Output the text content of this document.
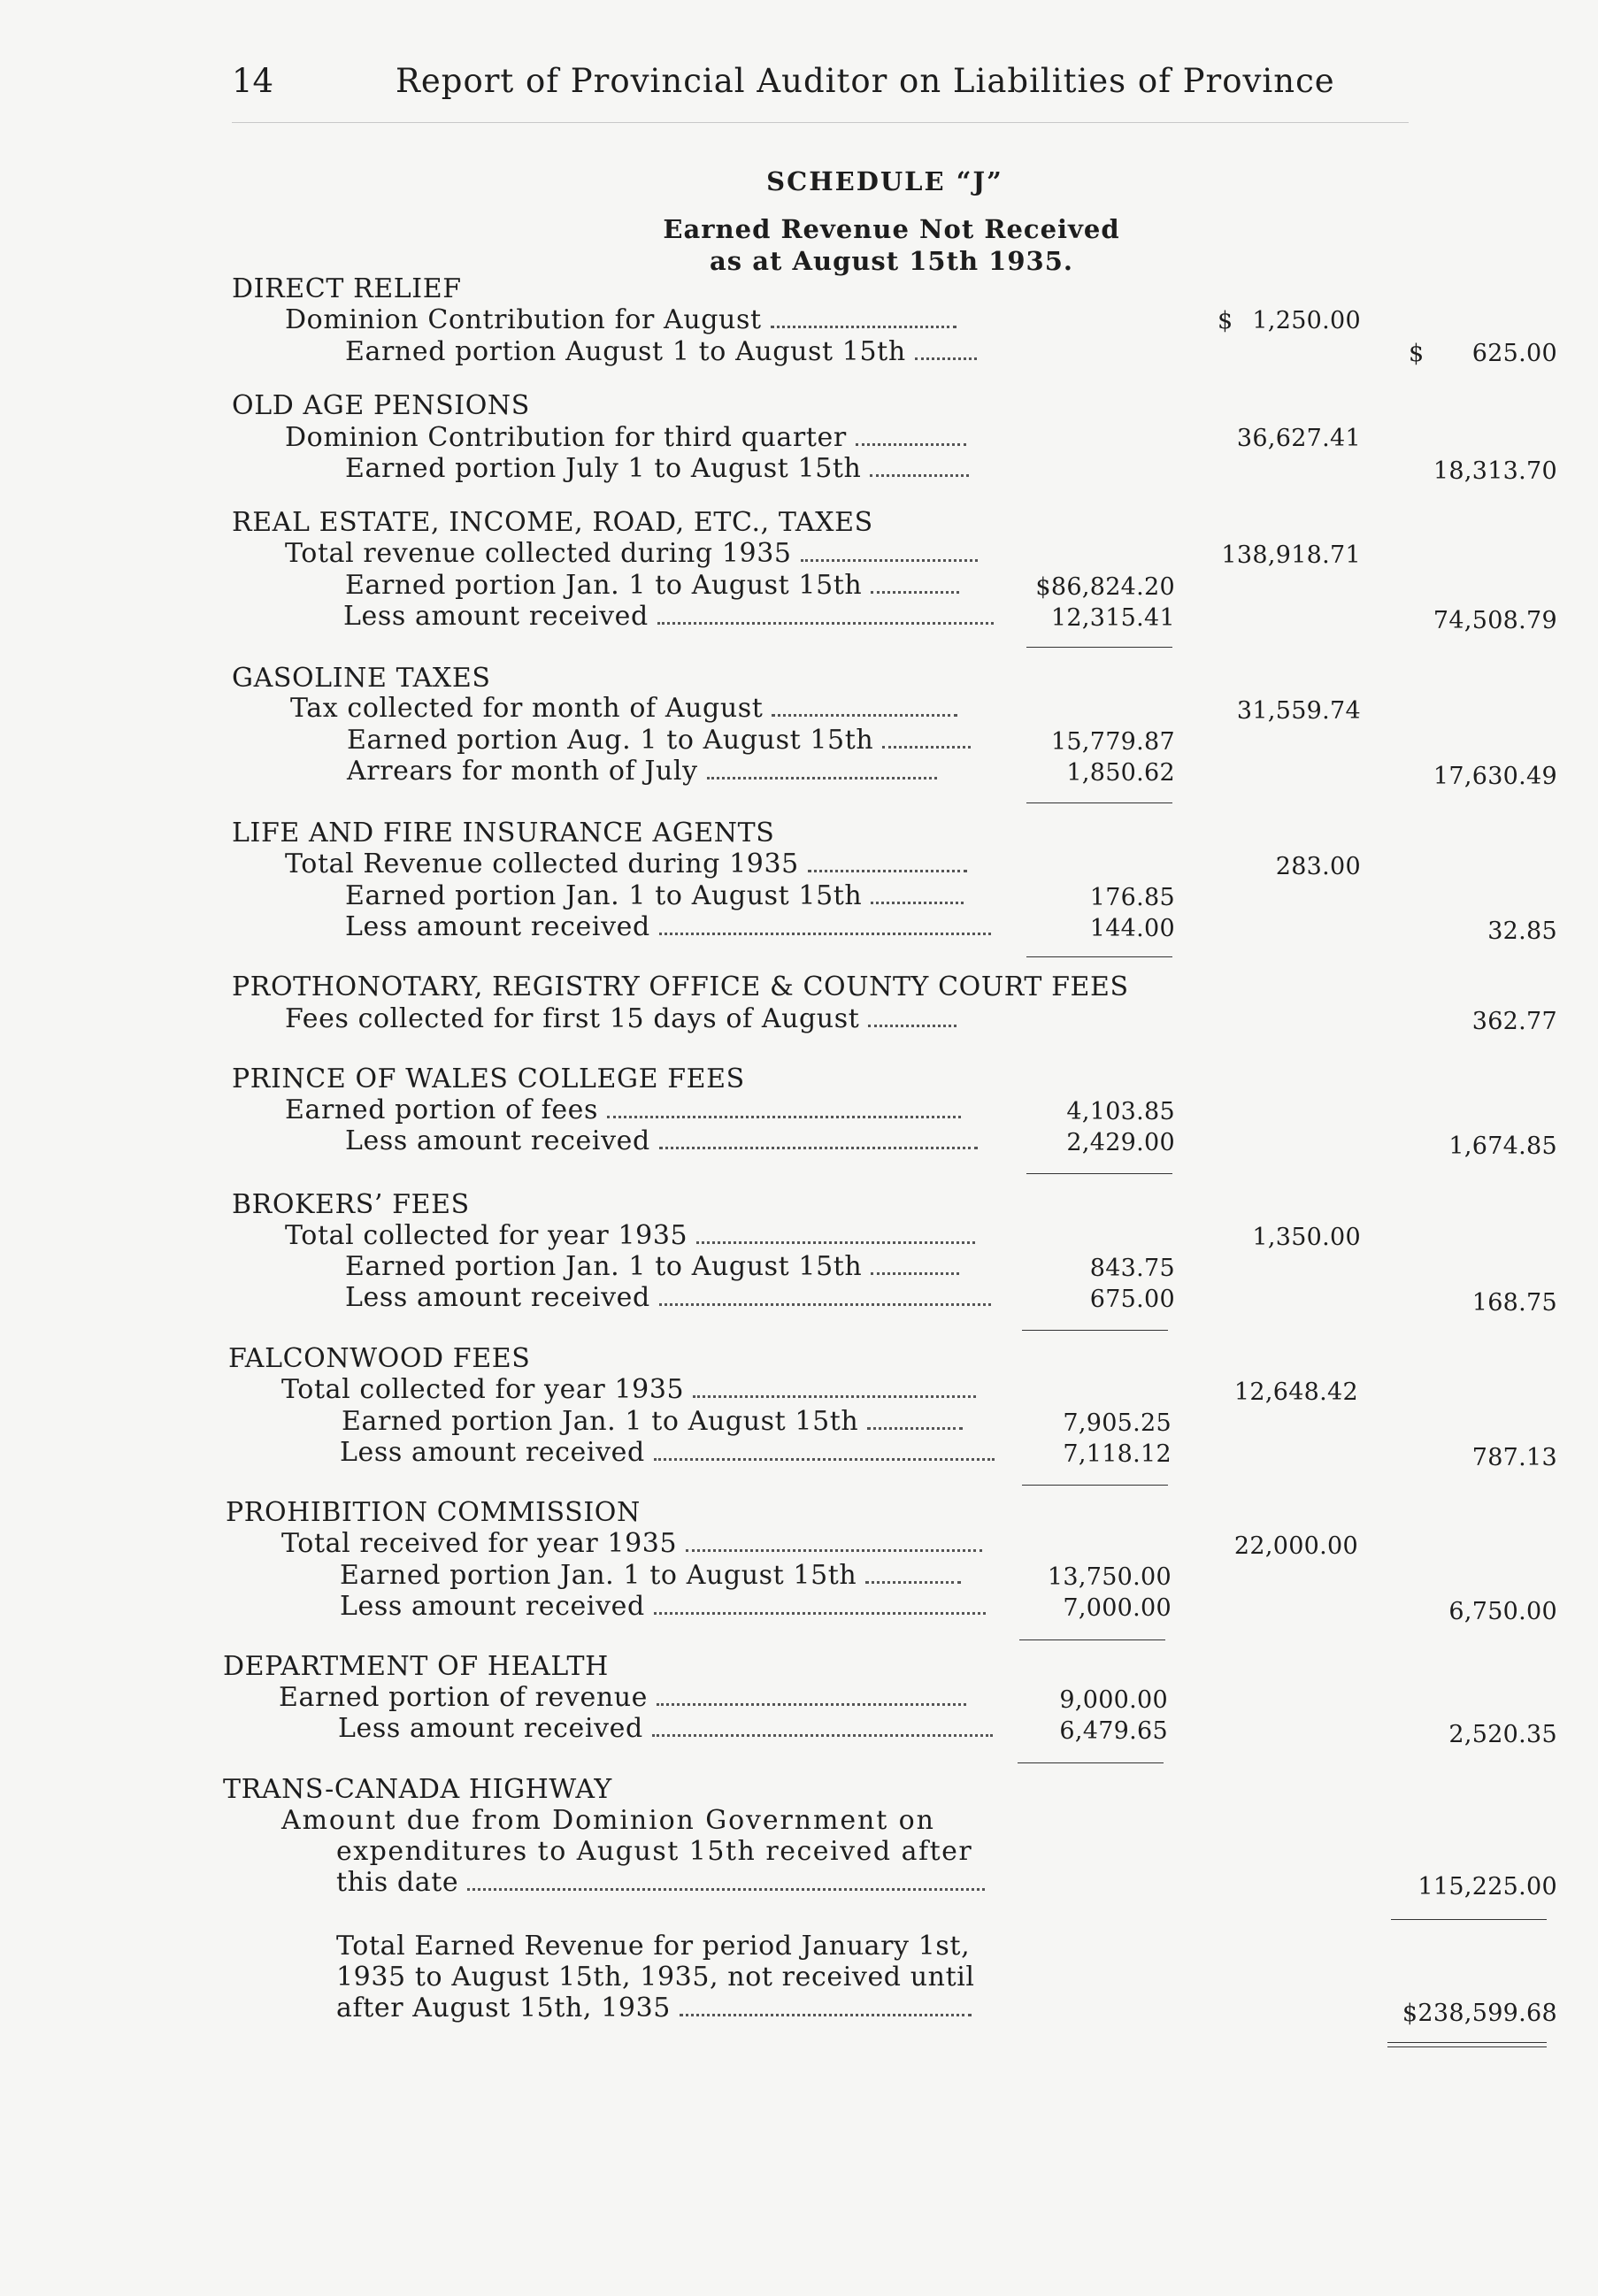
14	Report of Provincial Auditor on Liabilities of Province
SCHEDULE “J”
Earned Revenue Not Received
as at August 15th 1935.
DIRECT RELIEF
Dominion Contribution for August	$ 1,250.00
Earned portion August 1 to August 15th	$	625.00
OLD AGE PENSIONS
Dominion Contribution for third quarter	36,627.41
Earned portion July 1 to August 15th	18,313.70
REAL ESTATE, INCOME, ROAD, ETC., TAXES
Total revenue collected during 1935	138,918.71
Earned portion Jan. 1 to August 15th	$86,824.20
Less amount received	12,315.41	74,508.79
GASOLINE TAXES
Tax collected for month of August	31,559.74
Earned portion Aug. 1 to August 15th	15,779.87
Arrears for month of July	1,850.62	17,630.49
LIFE AND FIRE INSURANCE AGENTS
Total Revenue collected during 1935	283.00
Earned portion Jan. 1 to August 15th	176.85
Less amount received	144.00	32.85
PROTHONOTARY, REGISTRY OFFICE & COUNTY COURT FEES
Fees collected for first 15 days of August	362.77
PRINCE OF WALES COLLEGE FEES
Earned portion of fees	4,103.85
Less amount received	2,429.00	1,674.85
BROKERS’ FEES
Total collected for year 1935	1,350.00
Earned portion Jan. 1 to August 15th	843.75
Less amount received	675.00	168.75
FALCONWOOD FEES
Total collected for year 1935	12,648.42
Earned portion Jan. 1 to August 15th	7,905.25
Less amount received	7,118.12	787.13
PROHIBITION COMMISSION
Total received for year 1935	22,000.00
Earned portion Jan. 1 to August 15th	13,750.00
Less amount received	7,000.00	6,750.00
DEPARTMENT OF HEALTH
Earned portion of revenue	9,000.00
Less amount received	6,479.65	2,520.35
TRANS-CANADA HIGHWAY
Amount due from Dominion Government on
expenditures to August 15th received after
this date	115,225.00
Total Earned Revenue for period January 1st,
1935 to August 15th, 1935, not received until
after August 15th, 1935	$238,599.68
